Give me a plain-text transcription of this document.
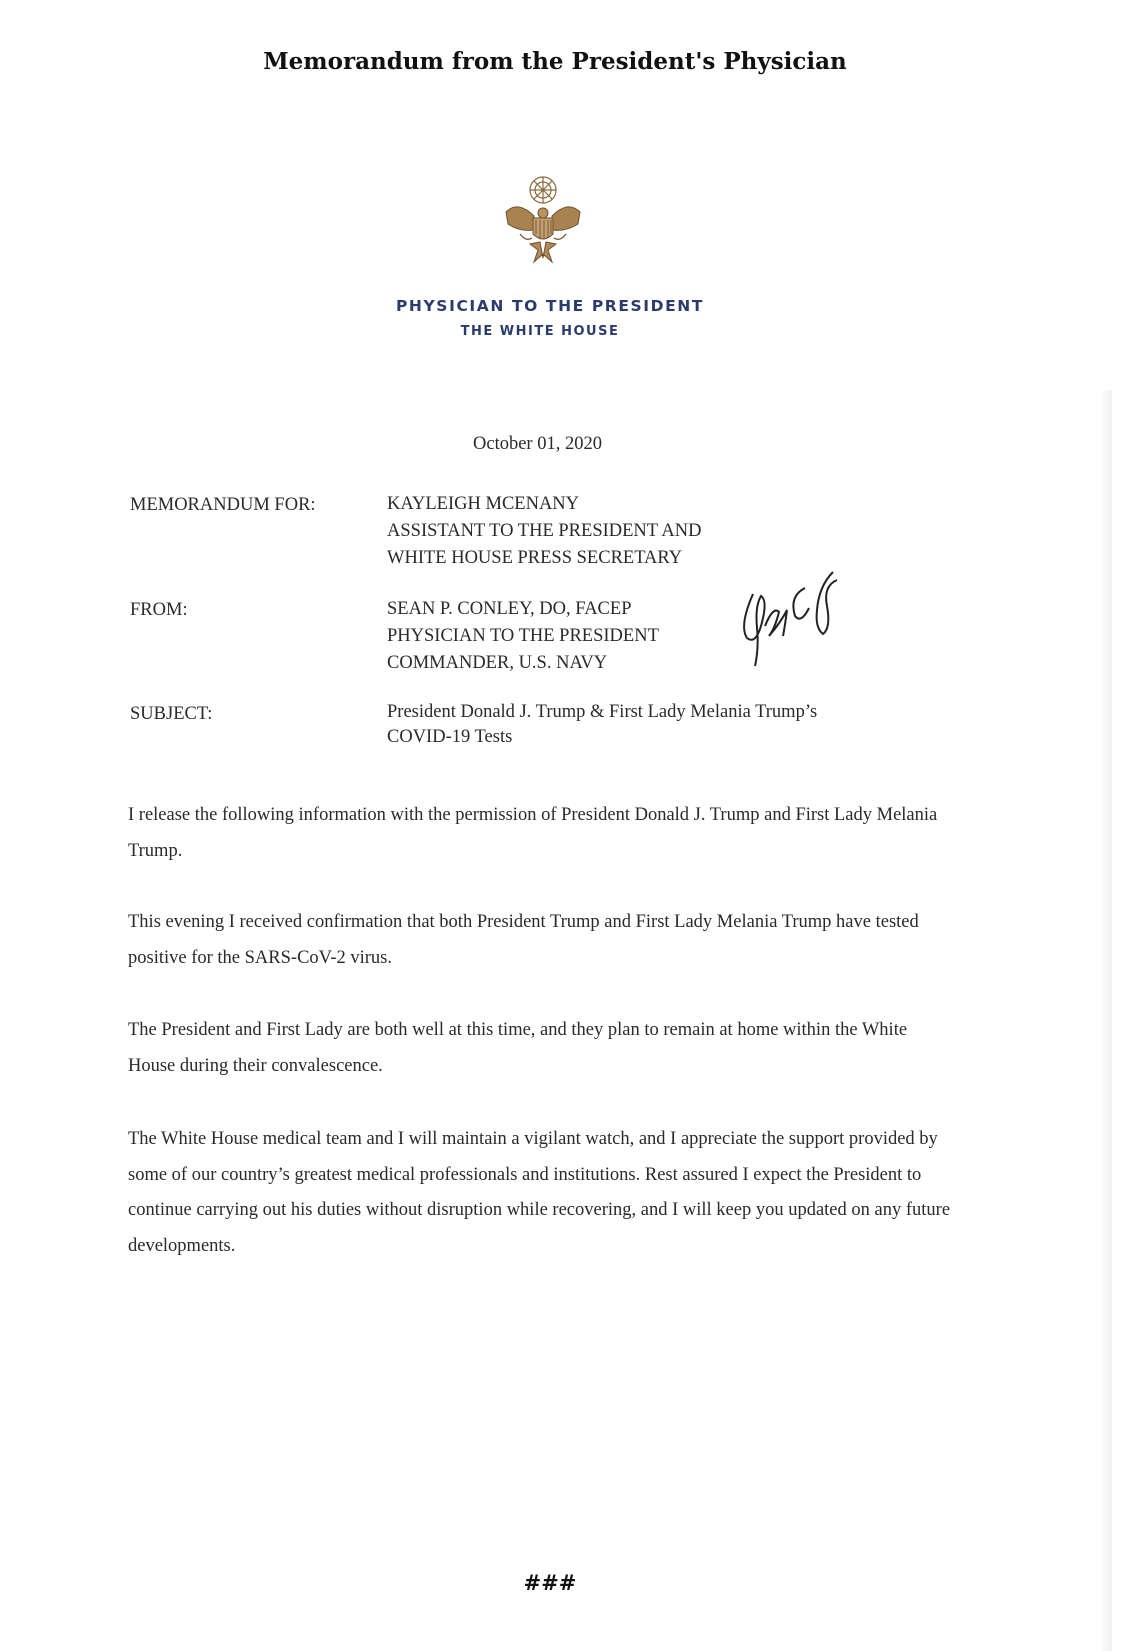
Memorandum from the President's Physician
PHYSICIAN TO THE PRESIDENT
THE WHITE HOUSE
October 01, 2020
MEMORANDUM FOR:	KAYLEIGH MCENANY
ASSISTANT TO THE PRESIDENT AND
WHITE HOUSE PRESS SECRETARY
FROM:	SEAN P. CONLEY, DO, FACEP
PHYSICIAN TO THE PRESIDENT
COMMANDER, U.S. NAVY
SUBJECT:	President Donald J. Trump & First Lady Melania Trump’s
COVID-19 Tests

I release the following information with the permission of President Donald J. Trump and First Lady Melania Trump.

This evening I received confirmation that both President Trump and First Lady Melania Trump have tested positive for the SARS-CoV-2 virus.

The President and First Lady are both well at this time, and they plan to remain at home within the White House during their convalescence.

The White House medical team and I will maintain a vigilant watch, and I appreciate the support provided by some of our country’s greatest medical professionals and institutions. Rest assured I expect the President to continue carrying out his duties without disruption while recovering, and I will keep you updated on any future developments.

###
